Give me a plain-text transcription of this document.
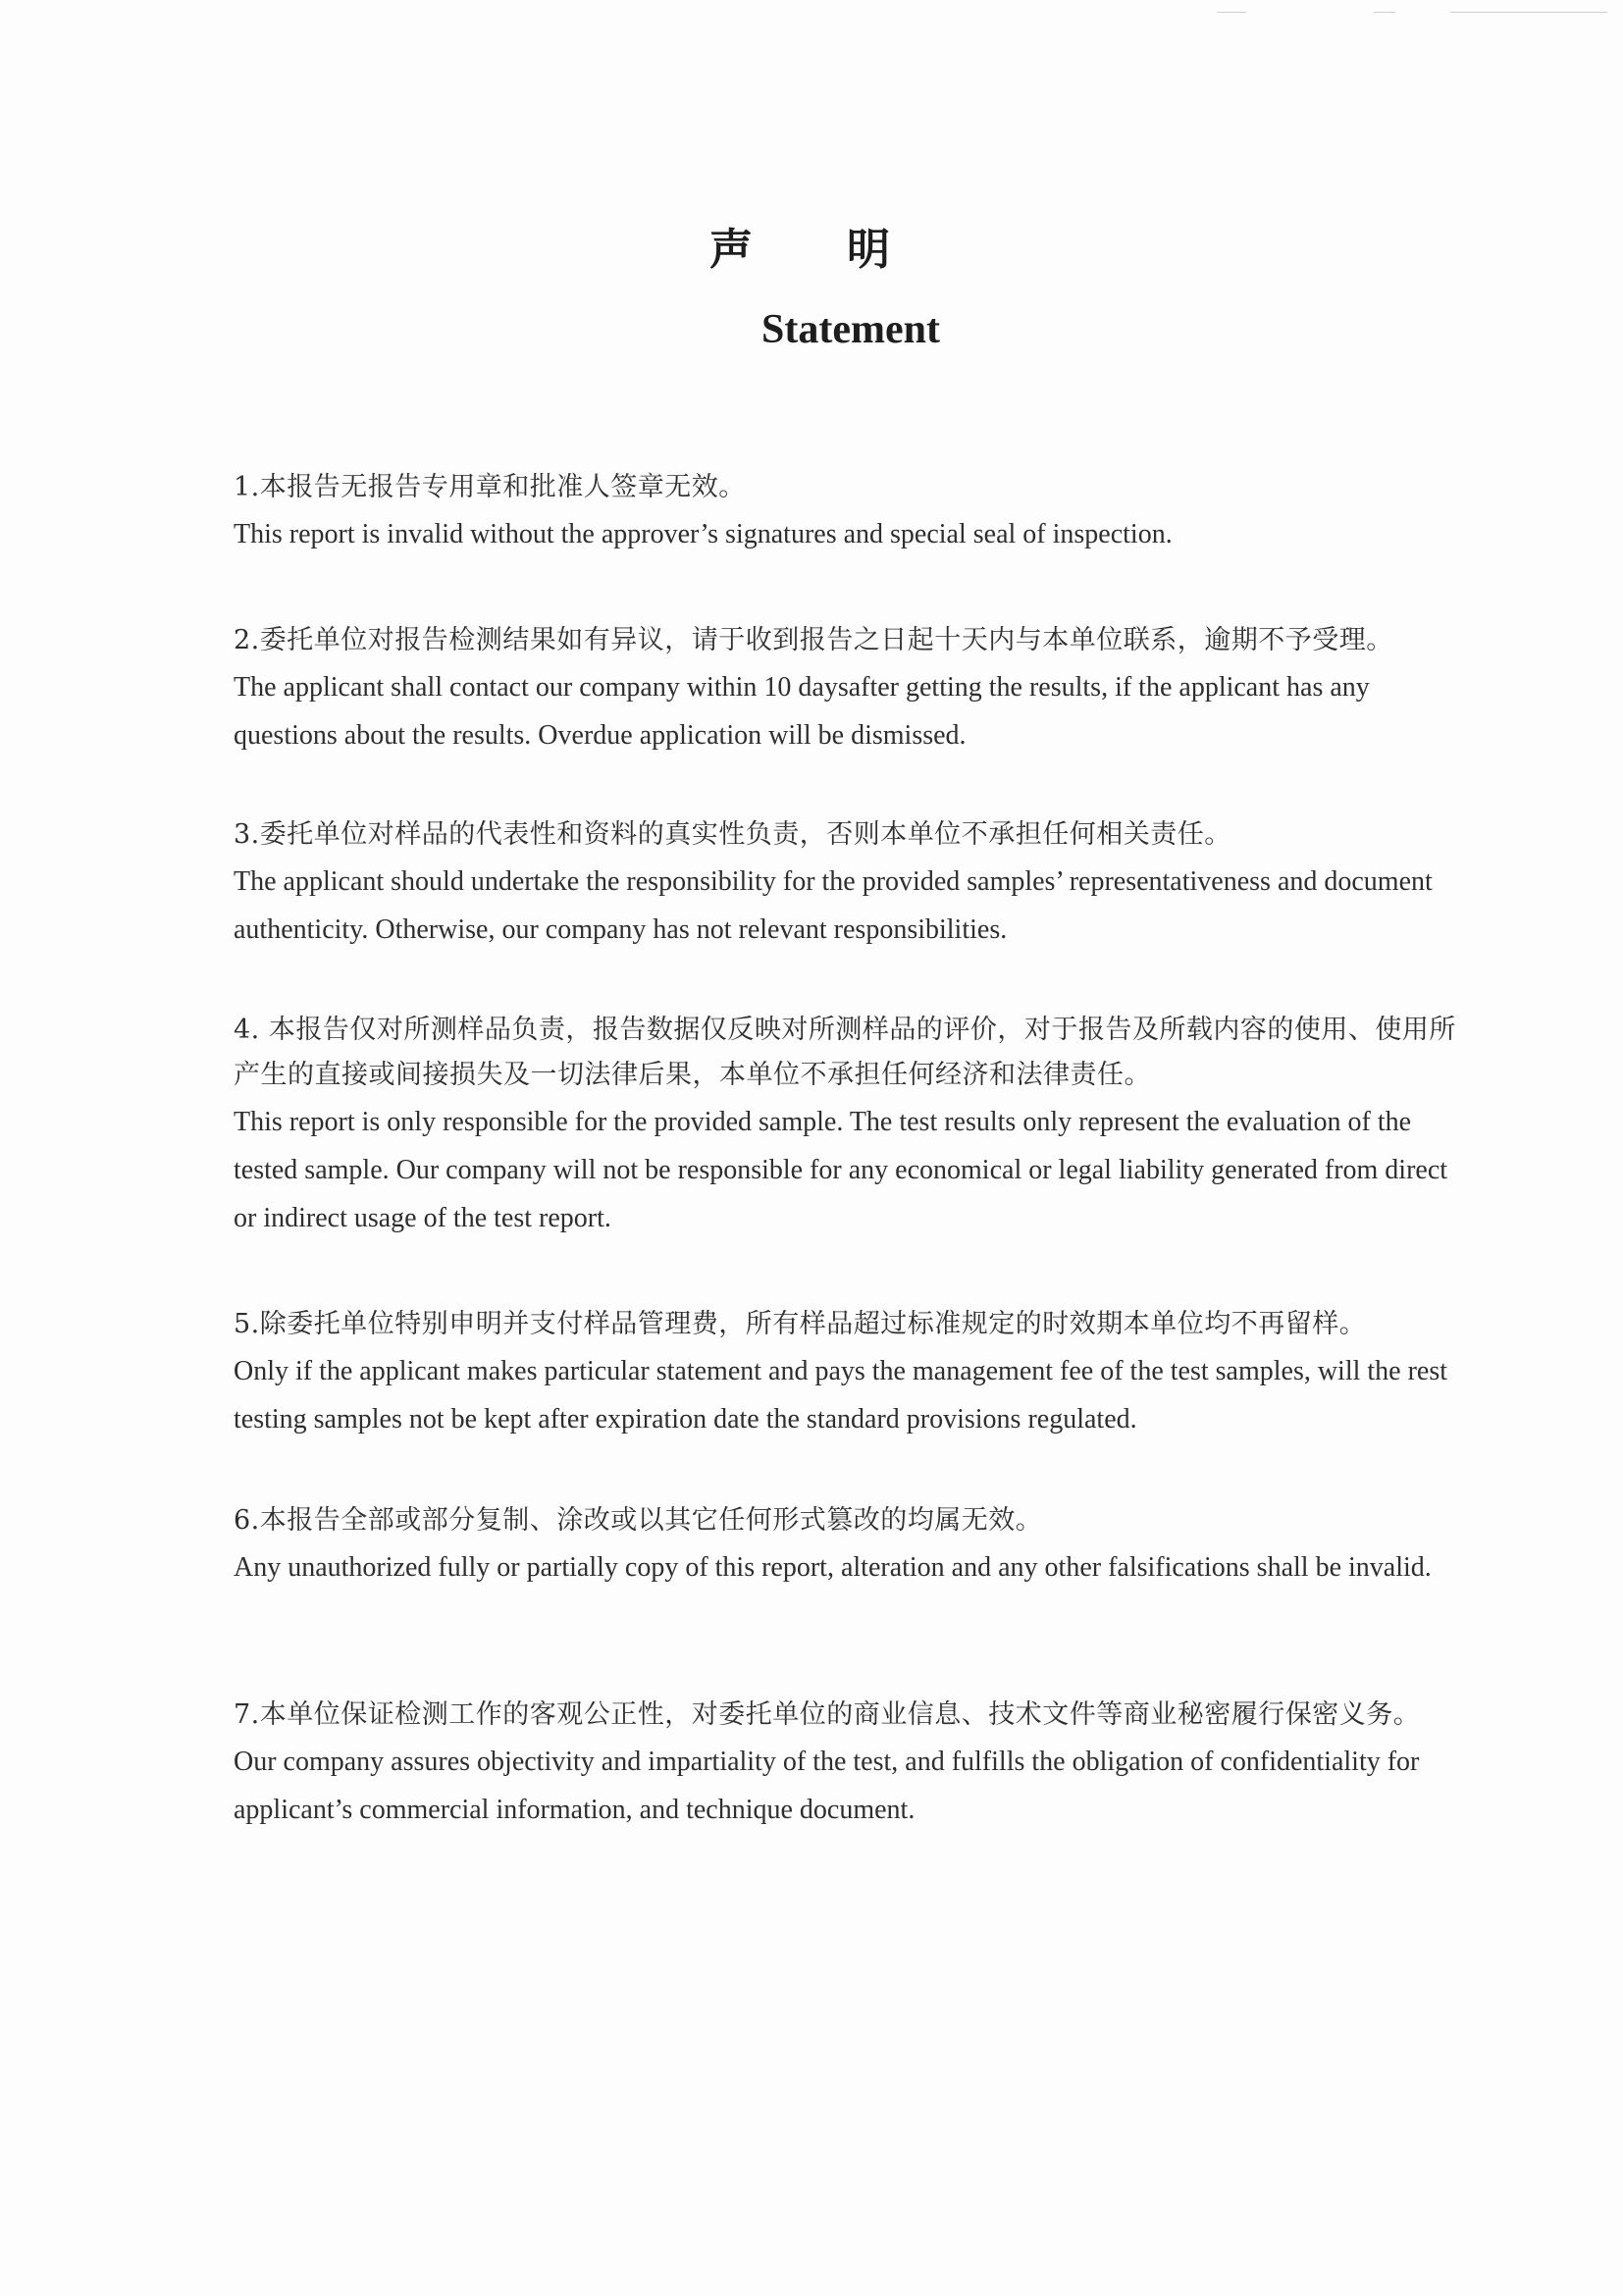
声明
Statement
1.本报告无报告专用章和批准人签章无效。
This report is invalid without the approver’s signatures and special seal of inspection.
2.委托单位对报告检测结果如有异议，请于收到报告之日起十天内与本单位联系，逾期不予受理。
The applicant shall contact our company within 10 daysafter getting the results, if the applicant has any questions about the results. Overdue application will be dismissed.
3.委托单位对样品的代表性和资料的真实性负责，否则本单位不承担任何相关责任。
The applicant should undertake the responsibility for the provided samples’ representativeness and document authenticity. Otherwise, our company has not relevant responsibilities.
4. 本报告仅对所测样品负责，报告数据仅反映对所测样品的评价，对于报告及所载内容的使用、使用所产生的直接或间接损失及一切法律后果，本单位不承担任何经济和法律责任。
This report is only responsible for the provided sample. The test results only represent the evaluation of the tested sample. Our company will not be responsible for any economical or legal liability generated from direct or indirect usage of the test report.
5.除委托单位特别申明并支付样品管理费，所有样品超过标准规定的时效期本单位均不再留样。
Only if the applicant makes particular statement and pays the management fee of the test samples, will the rest testing samples not be kept after expiration date the standard provisions regulated.
6.本报告全部或部分复制、涂改或以其它任何形式篡改的均属无效。
Any unauthorized fully or partially copy of this report, alteration and any other falsifications shall be invalid.
7.本单位保证检测工作的客观公正性，对委托单位的商业信息、技术文件等商业秘密履行保密义务。
Our company assures objectivity and impartiality of the test, and fulfills the obligation of confidentiality for applicant’s commercial information, and technique document.
